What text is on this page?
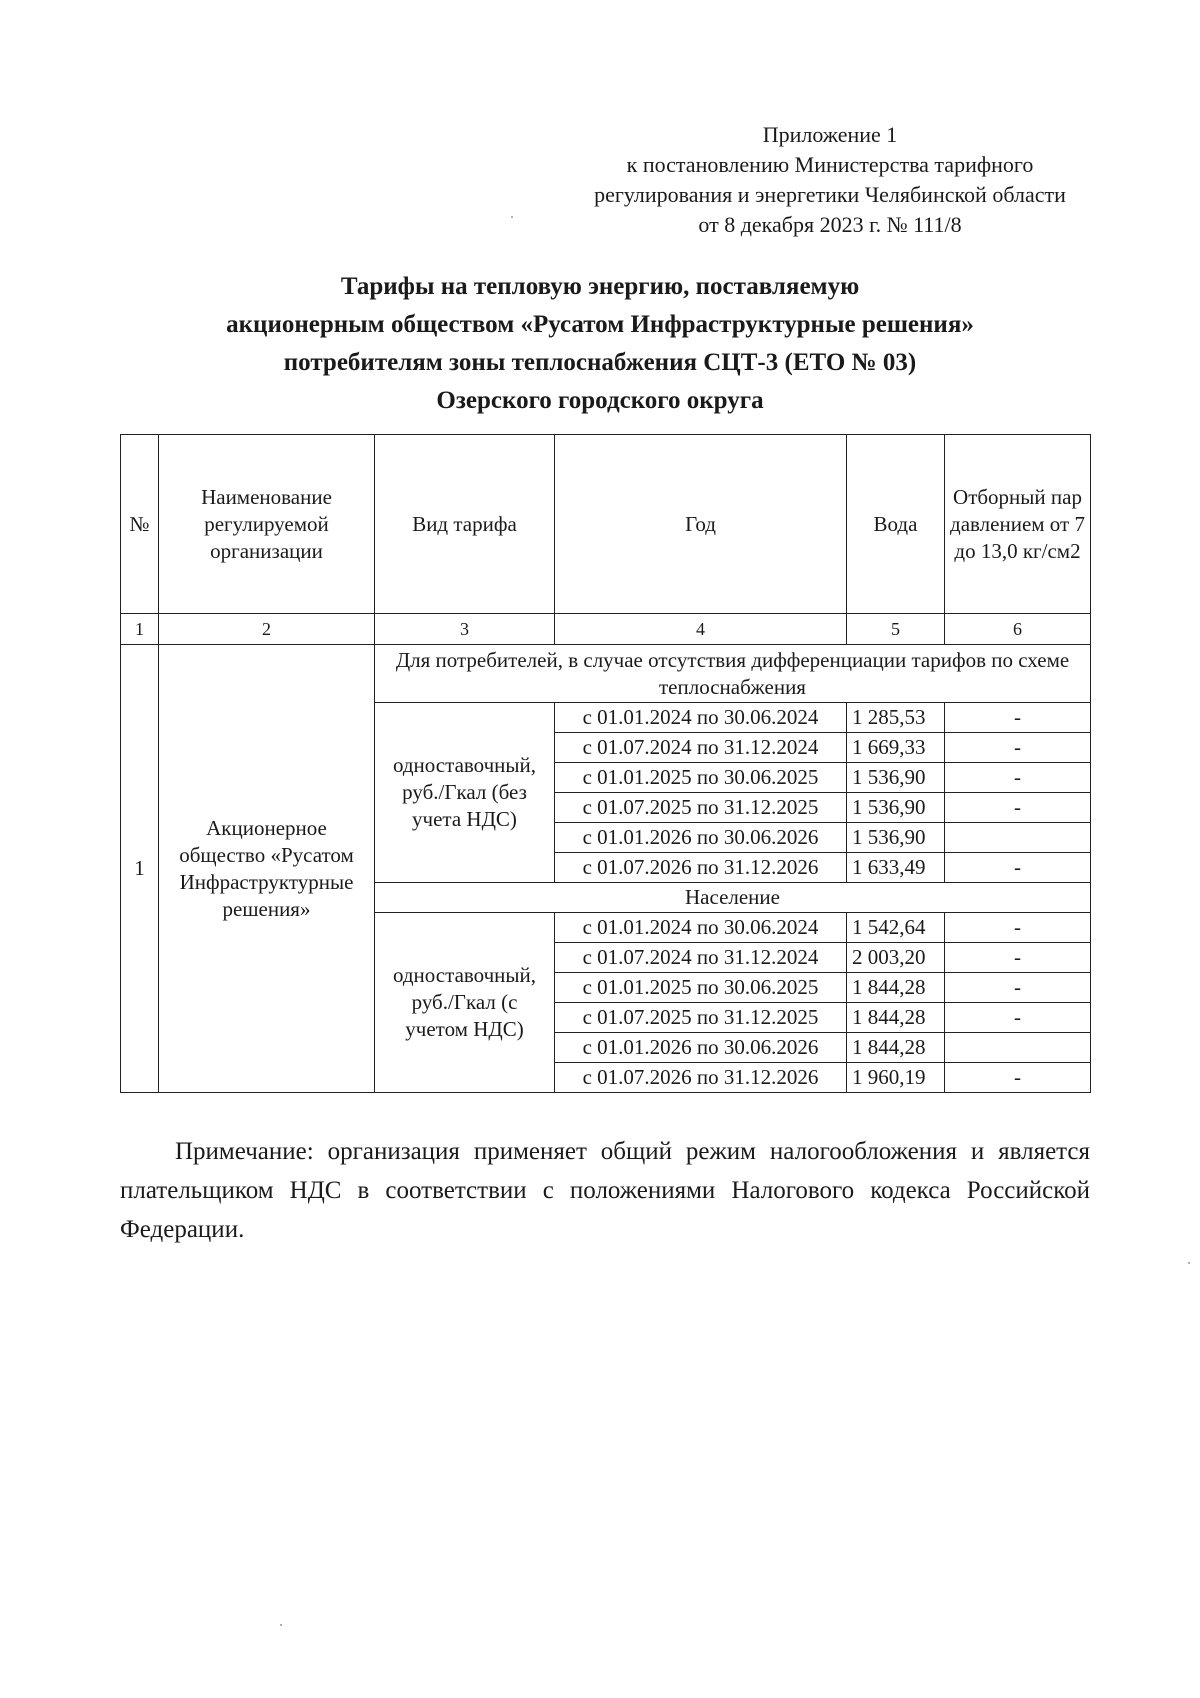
Приложение 1
к постановлению Министерства тарифного
регулирования и энергетики Челябинской области
от 8 декабря 2023 г. № 111/8
Тарифы на тепловую энергию, поставляемую
акционерным обществом «Русатом Инфраструктурные решения»
потребителям зоны теплоснабжения СЦТ-3 (ЕТО № 03)
Озерского городского округа
№	Наименование регулируемой организации	Вид тарифа	Год	Вода	Отборный пар давлением от 7 до 13,0 кг/см2
1	2	3	4	5	6
1	Акционерное общество «Русатом Инфраструктурные решения»	Для потребителей, в случае отсутствия дифференциации тарифов по схеме теплоснабжения			
		одноставочный, руб./Гкал (без учета НДС)	с 01.01.2024 по 30.06.2024	1 285,53	-
			с 01.07.2024 по 31.12.2024	1 669,33	-
			с 01.01.2025 по 30.06.2025	1 536,90	-
			с 01.07.2025 по 31.12.2025	1 536,90	-
			с 01.01.2026 по 30.06.2026	1 536,90	
			с 01.07.2026 по 31.12.2026	1 633,49	-
		Население			
		одноставочный, руб./Гкал (с учетом НДС)	с 01.01.2024 по 30.06.2024	1 542,64	-
			с 01.07.2024 по 31.12.2024	2 003,20	-
			с 01.01.2025 по 30.06.2025	1 844,28	-
			с 01.07.2025 по 31.12.2025	1 844,28	-
			с 01.01.2026 по 30.06.2026	1 844,28	
			с 01.07.2026 по 31.12.2026	1 960,19	-
Примечание: организация применяет общий режим налогообложения и является плательщиком НДС в соответствии с положениями Налогового кодекса Российской Федерации.
